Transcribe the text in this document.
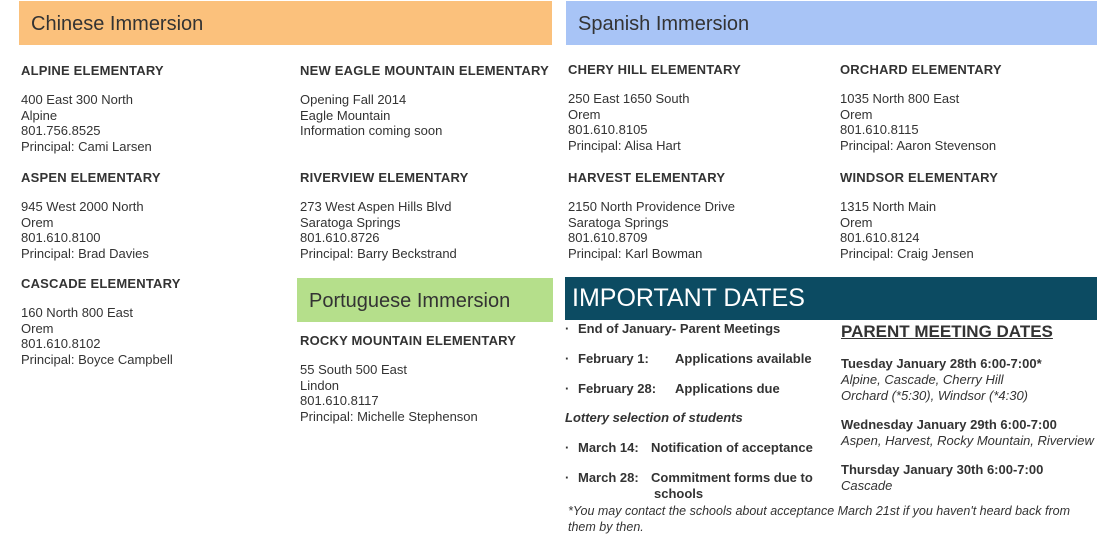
Chinese Immersion	Spanish Immersion
Portuguese Immersion	IMPORTANT DATES
ALPINE ELEMENTARY
400 East 300 North
Alpine
801.756.8525
Principal: Cami Larsen
ASPEN ELEMENTARY
945 West 2000 North
Orem
801.610.8100
Principal: Brad Davies
CASCADE ELEMENTARY
160 North 800 East
Orem
801.610.8102
Principal: Boyce Campbell
NEW EAGLE MOUNTAIN ELEMENTARY
Opening Fall 2014
Eagle Mountain
Information coming soon
RIVERVIEW ELEMENTARY
273 West Aspen Hills Blvd
Saratoga Springs
801.610.8726
Principal: Barry Beckstrand
ROCKY MOUNTAIN ELEMENTARY
55 South 500 East
Lindon
801.610.8117
Principal: Michelle Stephenson
CHERY HILL ELEMENTARY
250 East 1650 South
Orem
801.610.8105
Principal: Alisa Hart
HARVEST ELEMENTARY
2150 North Providence Drive
Saratoga Springs
801.610.8709
Principal: Karl Bowman
ORCHARD ELEMENTARY
1035 North 800 East
Orem
801.610.8115
Principal: Aaron Stevenson
WINDSOR ELEMENTARY
1315 North Main
Orem
801.610.8124
Principal: Craig Jensen
· End of January- Parent Meetings
· February 1: Applications available
· February 28: Applications due
Lottery selection of students
· March 14: Notification of acceptance
· March 28: Commitment forms due to
schools
*You may contact the schools about acceptance March 21st if you haven't heard back from them by then.
PARENT MEETING DATES
Tuesday January 28th 6:00-7:00*
Alpine, Cascade, Cherry Hill
Orchard (*5:30), Windsor (*4:30)
Wednesday January 29th 6:00-7:00
Aspen, Harvest, Rocky Mountain, Riverview
Thursday January 30th 6:00-7:00
Cascade
